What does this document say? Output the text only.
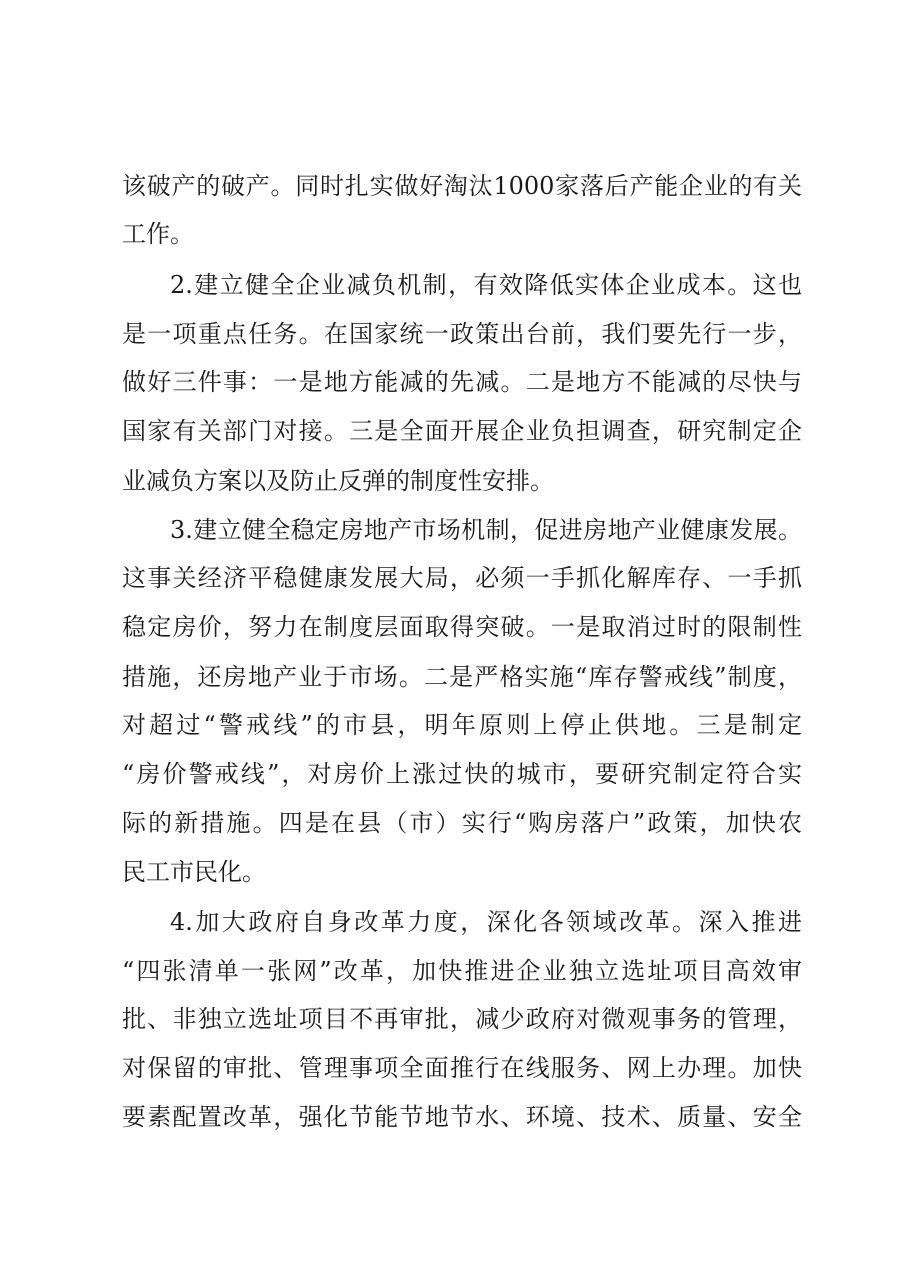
该破产的破产。同时扎实做好淘汰1000家落后产能企业的有关
工作。
2.建立健全企业减负机制，有效降低实体企业成本。这也
是一项重点任务。在国家统一政策出台前，我们要先行一步，
做好三件事：一是地方能减的先减。二是地方不能减的尽快与
国家有关部门对接。三是全面开展企业负担调查，研究制定企
业减负方案以及防止反弹的制度性安排。
3.建立健全稳定房地产市场机制，促进房地产业健康发展。
这事关经济平稳健康发展大局，必须一手抓化解库存、一手抓
稳定房价，努力在制度层面取得突破。一是取消过时的限制性
措施，还房地产业于市场。二是严格实施“库存警戒线”制度，
对超过“警戒线”的市县，明年原则上停止供地。三是制定
“房价警戒线”，对房价上涨过快的城市，要研究制定符合实
际的新措施。四是在县（市）实行“购房落户”政策，加快农
民工市民化。
4.加大政府自身改革力度，深化各领域改革。深入推进
“四张清单一张网”改革，加快推进企业独立选址项目高效审
批、非独立选址项目不再审批，减少政府对微观事务的管理，
对保留的审批、管理事项全面推行在线服务、网上办理。加快
要素配置改革，强化节能节地节水、环境、技术、质量、安全
